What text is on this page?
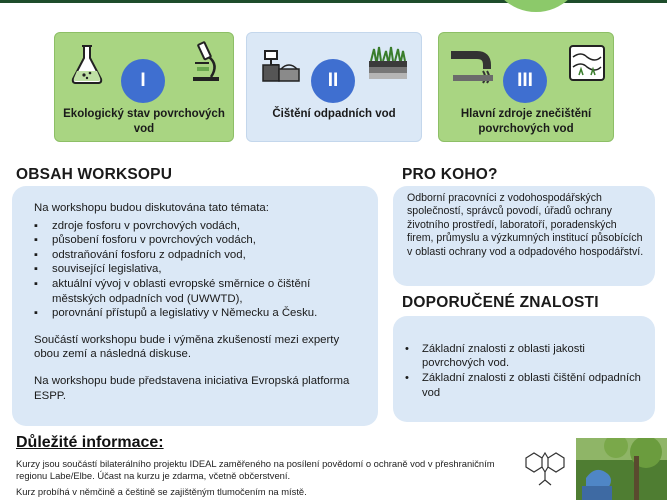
I
Ekologický stav povrchových vod
II
Čištění odpadních vod
III
Hlavní zdroje znečištění povrchových vod
OBSAH WORKSOPU

Na workshopu budou diskutována tato témata:

▪ zdroje fosforu v povrchových vodách,
▪ působení fosforu v povrchových vodách,
▪ odstraňování fosforu z odpadních vod,
▪ související legislativa,
▪ aktuální vývoj v oblasti evropské směrnice o čištění městských odpadních vod (UWWTD),
▪ porovnání přístupů a legislativy v Německu a Česku.

Součástí workshopu bude i výměna zkušeností mezi experty obou zemí a následná diskuse.

Na workshopu bude představena iniciativa Evropská platforma ESPP.

PRO KOHO?

Odborní pracovníci z vodohospodářských společností, správců povodí, úřadů ochrany životního prostředí, laboratoří, poradenských firem, průmyslu a výzkumných institucí působících v oblasti ochrany vod a odpadového hospodářství.

DOPORUČENÉ ZNALOSTI
• Základní znalosti z oblasti jakosti povrchových vod.
• Základní znalosti z oblasti čištění odpadních vod
Důležité informace:

Kurzy jsou součástí bilaterálního projektu IDEAL zaměřeného na posílení povědomí o ochraně vod v přeshraničním regionu Labe/Elbe. Účast na kurzu je zdarma, včetně občerstvení.

Kurz probíhá v němčině a češtině se zajištěným tlumočením na místě.
